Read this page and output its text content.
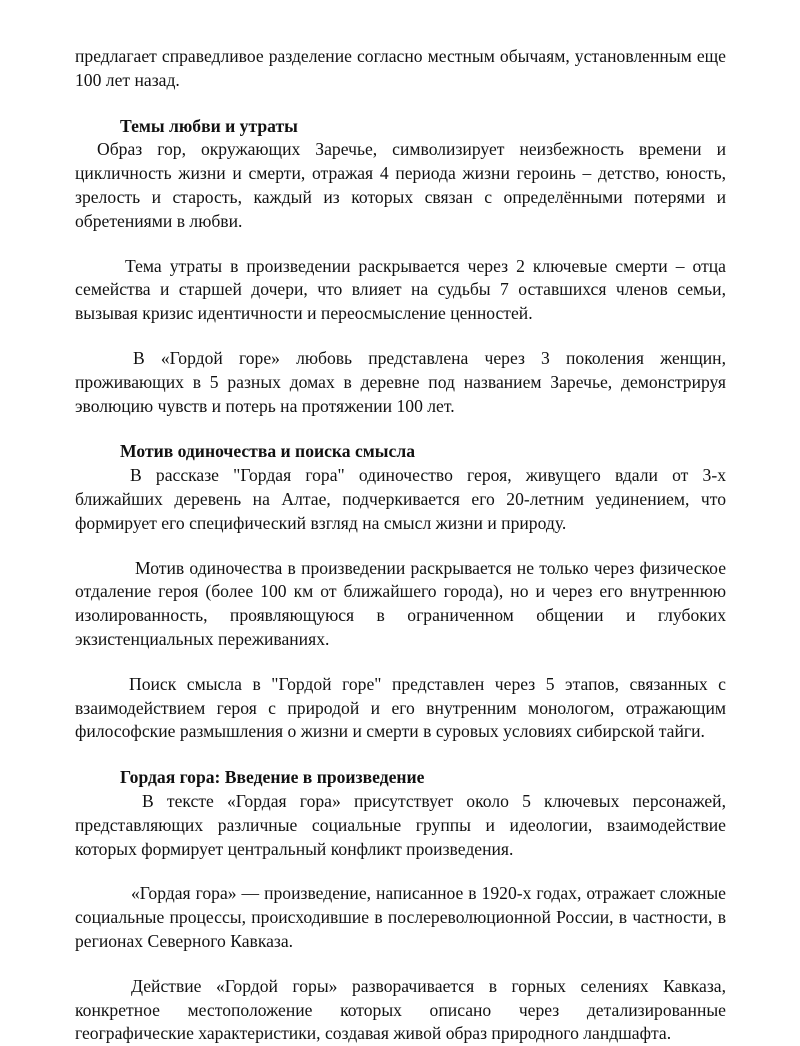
предлагает справедливое разделение согласно местным обычаям, установленным еще 100 лет назад.

Темы любви и утраты

Образ гор, окружающих Заречье, символизирует неизбежность времени и цикличность жизни и смерти, отражая 4 периода жизни героинь – детство, юность, зрелость и старость, каждый из которых связан с определёнными потерями и обретениями в любви.

Тема утраты в произведении раскрывается через 2 ключевые смерти – отца семейства и старшей дочери, что влияет на судьбы 7 оставшихся членов семьи, вызывая кризис идентичности и переосмысление ценностей.

В «Гордой горе» любовь представлена через 3 поколения женщин, проживающих в 5 разных домах в деревне под названием Заречье, демонстрируя эволюцию чувств и потерь на протяжении 100 лет.

Мотив одиночества и поиска смысла

В рассказе "Гордая гора" одиночество героя, живущего вдали от 3-х ближайших деревень на Алтае, подчеркивается его 20-летним уединением, что формирует его специфический взгляд на смысл жизни и природу.

Мотив одиночества в произведении раскрывается не только через физическое отдаление героя (более 100 км от ближайшего города), но и через его внутреннюю изолированность, проявляющуюся в ограниченном общении и глубоких экзистенциальных переживаниях.

Поиск смысла в "Гордой горе" представлен через 5 этапов, связанных с взаимодействием героя с природой и его внутренним монологом, отражающим философские размышления о жизни и смерти в суровых условиях сибирской тайги.

Гордая гора: Введение в произведение

В тексте «Гордая гора» присутствует около 5 ключевых персонажей, представляющих различные социальные группы и идеологии, взаимодействие которых формирует центральный конфликт произведения.

«Гордая гора» — произведение, написанное в 1920-х годах, отражает сложные социальные процессы, происходившие в послереволюционной России, в частности, в регионах Северного Кавказа.

Действие «Гордой горы» разворачивается в горных селениях Кавказа, конкретное местоположение которых описано через детализированные географические характеристики, создавая живой образ природного ландшафта.
